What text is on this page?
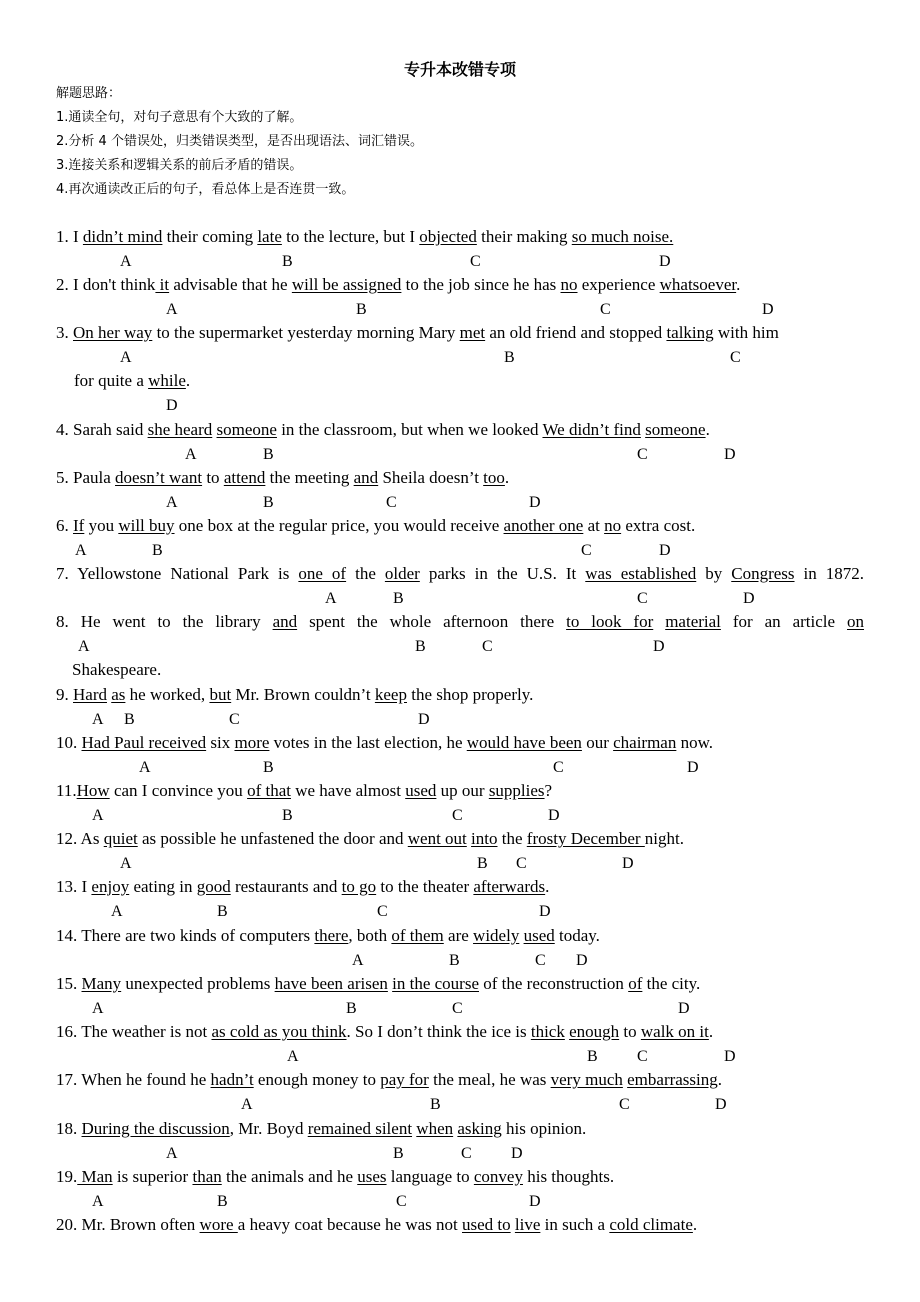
专升本改错专项
解题思路：
1.通读全句，对句子意思有个大致的了解。
2.分析 4 个错误处，归类错误类型，是否出现语法、词汇错误。
3.连接关系和逻辑关系的前后矛盾的错误。
4.再次通读改正后的句子，看总体上是否连贯一致。
1. I didn’t mind their coming late to the lecture, but I objected their making so much noise.
A	B	C	D
2. I don't think it advisable that he will be assigned to the job since he has no experience whatsoever.
A	B	C	D
3. On her way to the supermarket yesterday morning Mary met an old friend and stopped talking with him
A	B	C
for quite a while.
D
4. Sarah said she heard someone in the classroom, but when we looked We didn’t find someone.
A	B	C	D
5. Paula doesn’t want to attend the meeting and Sheila doesn’t too.
A	B	C	D
6. If you will buy one box at the regular price, you would receive another one at no extra cost.
A	B	C	D
7. Yellowstone National Park is one of the older parks in the U.S. It was established by Congress in 1872.
A	B	C	D
8. He went to the library and spent the whole afternoon there to look for material for an article on
A	B	C	D
Shakespeare.
9. Hard as he worked, but Mr. Brown couldn’t keep the shop properly.
A B	C	D
10. Had Paul received six more votes in the last election, he would have been our chairman now.
A	B	C	D
11.How can I convince you of that we have almost used up our supplies?
A	B	C	D
12. As quiet as possible he unfastened the door and went out into the frosty December night.
A	B C	D
13. I enjoy eating in good restaurants and to go to the theater afterwards.
A	B	C	D
14. There are two kinds of computers there, both of them are widely used today.
A	B	C D
15. Many unexpected problems have been arisen in the course of the reconstruction of the city.
A	B	C	D
16. The weather is not as cold as you think. So I don’t think the ice is thick enough to walk on it.
A	B C	D
17. When he found he hadn’t enough money to pay for the meal, he was very much embarrassing.
A	B	C	D
18. During the discussion, Mr. Boyd remained silent when asking his opinion.
A	B	C D
19. Man is superior than the animals and he uses language to convey his thoughts.
A	B	C	D
20. Mr. Brown often wore a heavy coat because he was not used to live in such a cold climate.
